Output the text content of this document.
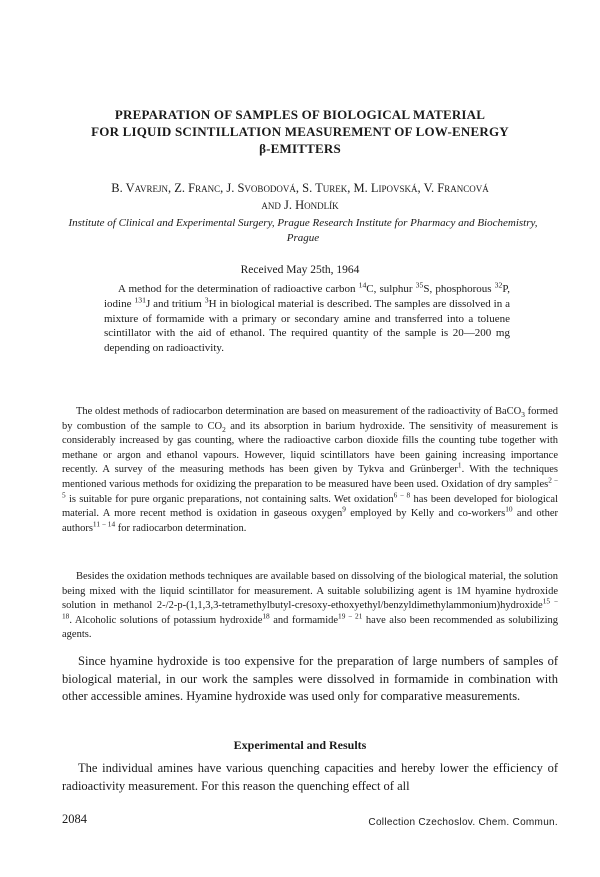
PREPARATION OF SAMPLES OF BIOLOGICAL MATERIAL
FOR LIQUID SCINTILLATION MEASUREMENT OF LOW-ENERGY
β-EMITTERS
B. Vavrejn, Z. Franc, J. Svobodová, S. Turek, M. Lipovská, V. Francová
and J. Hondlík
Institute of Clinical and Experimental Surgery, Prague Research Institute for Pharmacy and Biochemistry, Prague
Received May 25th, 1964

A method for the determination of radioactive carbon $^{14}$C, sulphur $^{35}$S, phosphorous $^{32}$P, iodine $^{131}$J and tritium $^3$H in biological material is described. The samples are dissolved in a mixture of formamide with a primary or secondary amine and transferred into a toluene scintillator with the aid of ethanol. The required quantity of the sample is 20—200 mg depending on radioactivity.

The oldest methods of radiocarbon determination are based on measurement of the radioactivity of BaCO$_3$ formed by combustion of the sample to $CO_2$ and its absorption in barium hydroxide. The sensitivity of measurement is considerably increased by gas counting, where the radioactive carbon dioxide fills the counting tube together with methane or argon and ethanol vapours. However, liquid scintillators have been gaining increasing importance recently. A survey of the measuring methods has been given by Tykva and Grünberger$^1$. With the techniques mentioned various methods for oxidizing the preparation to be measured have been used. Oxidation of dry samples$^{2 - 5}$ is suitable for pure organic preparations, not containing salts. Wet oxidation$^{6 - 8}$ has been developed for biological material. A more recent method is oxidation in gaseous oxygen$^9$ employed by Kelly and co-workers$^{10}$ and other authors$^{11 - 14}$ for radiocarbon determination.

Besides the oxidation methods techniques are available based on dissolving of the biological material, the solution being mixed with the liquid scintillator for measurement. A suitable solubilizing agent is 1M hyamine hydroxide solution in methanol 2-/2-p-(1,1,3,3-tetramethylbutyl-cresoxy-ethoxyethyl/benzyldimethylammonium)hydroxide$^{15 - 18}$. Alcoholic solutions of potassium hydroxide$^{18}$ and formamide$^{19 - 21}$ have also been recommended as solubilizing agents.

Since hyamine hydroxide is too expensive for the preparation of large numbers of samples of biological material, in our work the samples were dissolved in formamide in combination with other accessible amines. Hyamine hydroxide was used only for comparative measurements.

Experimental and Results

The individual amines have various quenching capacities and hereby lower the efficiency of radioactivity measurement. For this reason the quenching effect of all

2084	Collection Czechoslov. Chem. Commun.
